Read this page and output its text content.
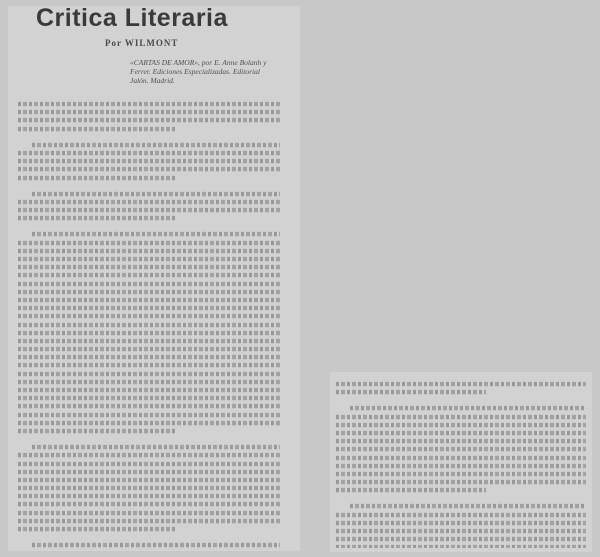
Critica Literaria
Por WILMONT
«CARTAS DE AMOR», por E. Anne Bolanh y Ferrer. Ediciones Especializadas. Editorial Jalón. Madrid.
